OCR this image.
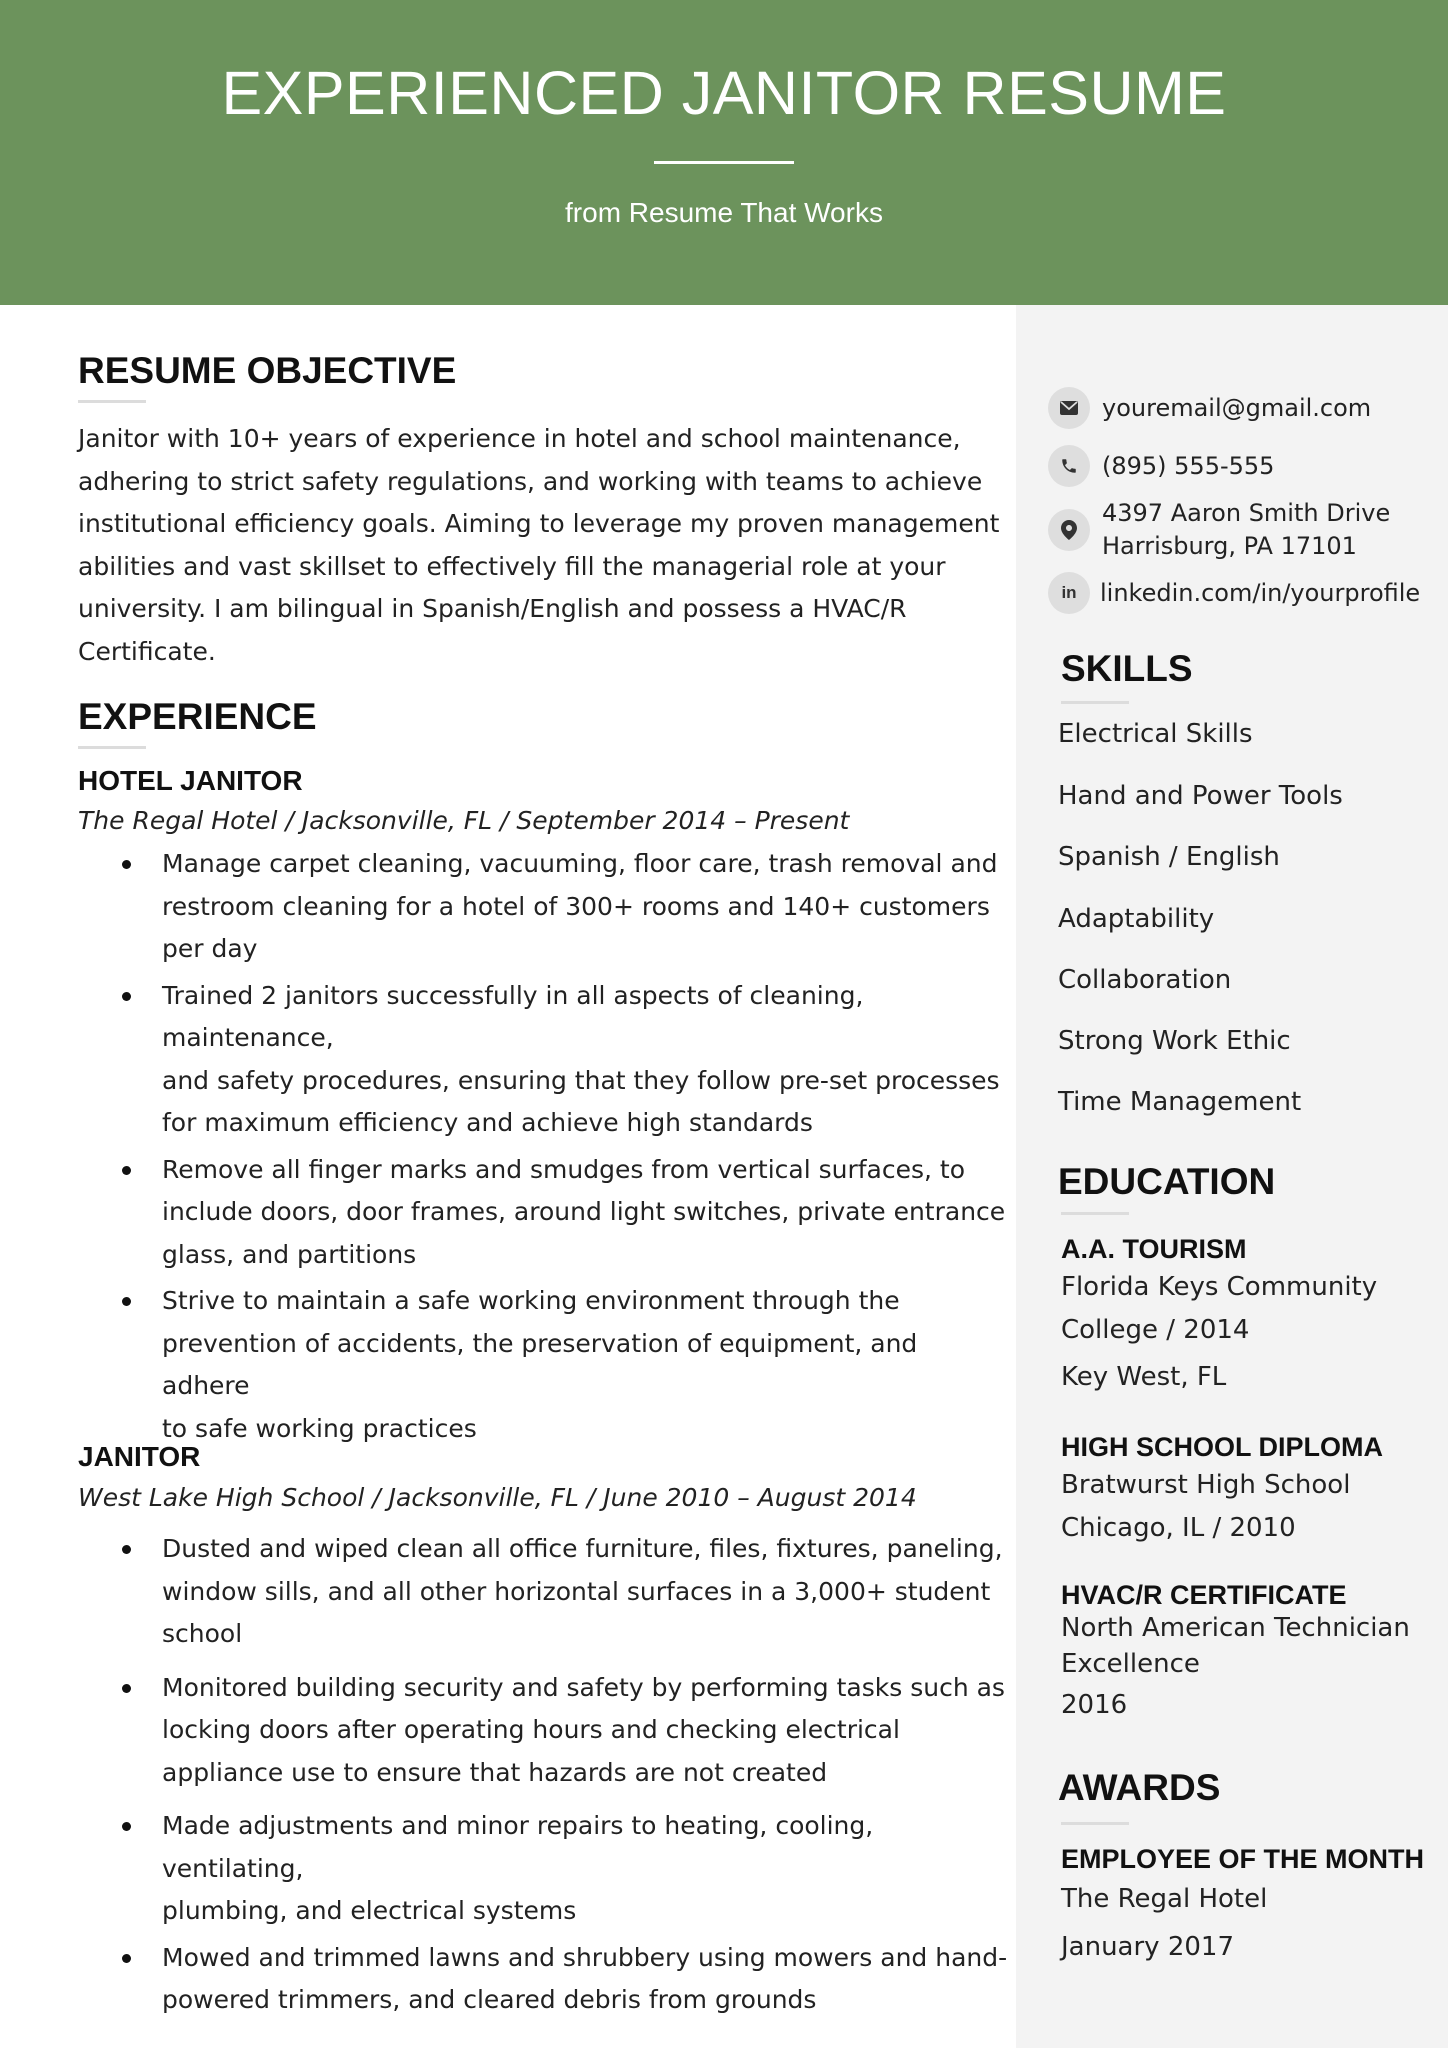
EXPERIENCED JANITOR RESUME
from Resume That Works
RESUME OBJECTIVE
Janitor with 10+ years of experience in hotel and school maintenance,
adhering to strict safety regulations, and working with teams to achieve
institutional efficiency goals. Aiming to leverage my proven management
abilities and vast skillset to effectively fill the managerial role at your
university. I am bilingual in Spanish/English and possess a HVAC/R Certificate.
EXPERIENCE
HOTEL JANITOR
The Regal Hotel / Jacksonville, FL / September 2014 – Present
Manage carpet cleaning, vacuuming, floor care, trash removal and
restroom cleaning for a hotel of 300+ rooms and 140+ customers
per day
Trained 2 janitors successfully in all aspects of cleaning, maintenance,
and safety procedures, ensuring that they follow pre-set processes
for maximum efficiency and achieve high standards
Remove all finger marks and smudges from vertical surfaces, to
include doors, door frames, around light switches, private entrance
glass, and partitions
Strive to maintain a safe working environment through the
prevention of accidents, the preservation of equipment, and adhere
to safe working practices
JANITOR
West Lake High School / Jacksonville, FL / June 2010 – August 2014
Dusted and wiped clean all office furniture, files, fixtures, paneling,
window sills, and all other horizontal surfaces in a 3,000+ student
school
Monitored building security and safety by performing tasks such as
locking doors after operating hours and checking electrical
appliance use to ensure that hazards are not created
Made adjustments and minor repairs to heating, cooling, ventilating,
plumbing, and electrical systems
Mowed and trimmed lawns and shrubbery using mowers and hand-
powered trimmers, and cleared debris from grounds
youremail@gmail.com
(895) 555-555
4397 Aaron Smith Drive
Harrisburg, PA 17101
in linkedin.com/in/yourprofile
SKILLS
Electrical Skills
Hand and Power Tools
Spanish / English
Adaptability
Collaboration
Strong Work Ethic
Time Management
EDUCATION
A.A. TOURISM
Florida Keys Community
College / 2014
Key West, FL
HIGH SCHOOL DIPLOMA
Bratwurst High School
Chicago, IL / 2010
HVAC/R CERTIFICATE
North American Technician
Excellence
2016
AWARDS
EMPLOYEE OF THE MONTH
The Regal Hotel
January 2017
